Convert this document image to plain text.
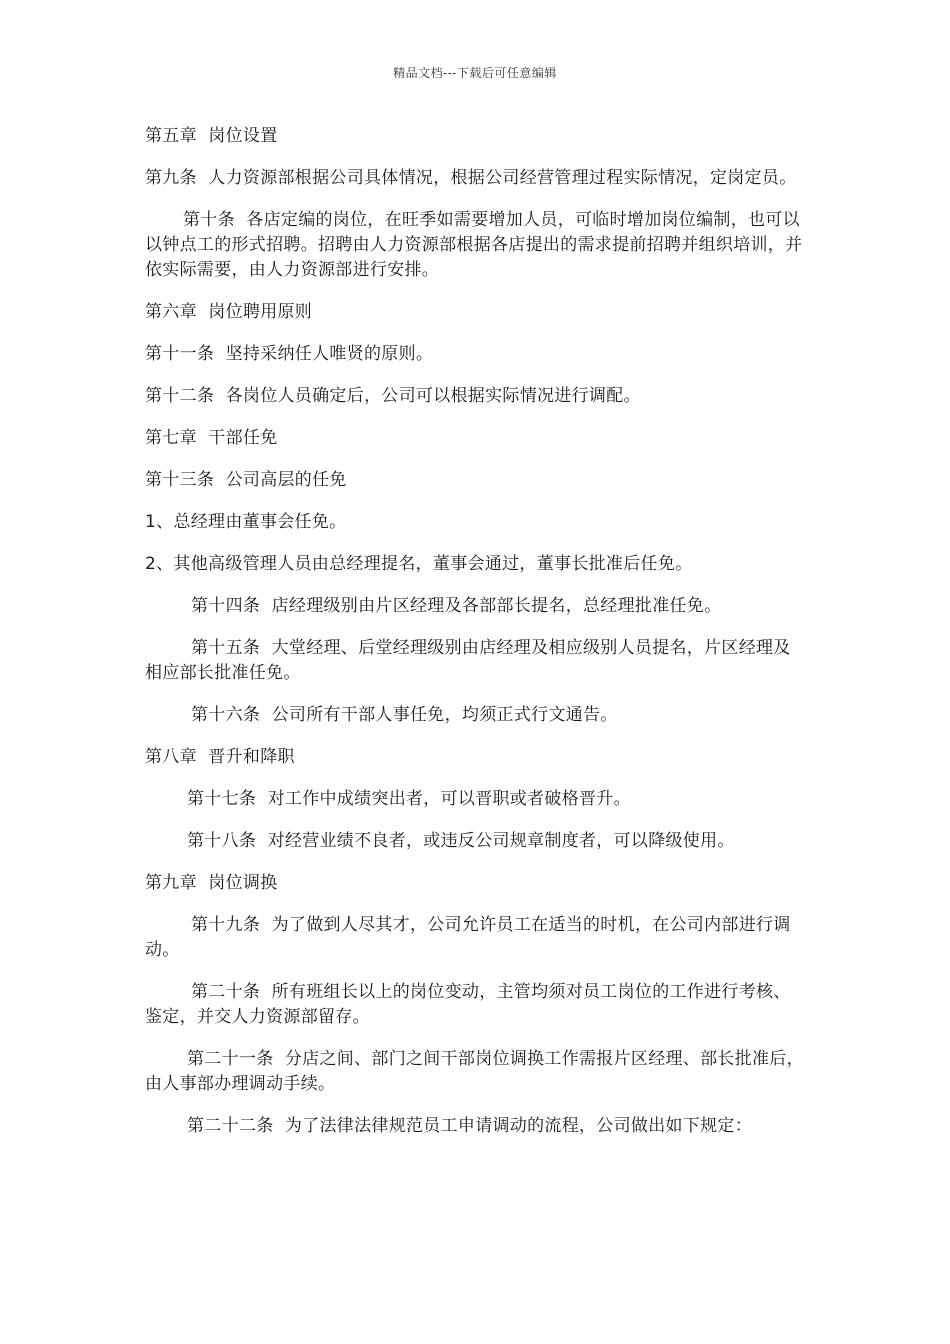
精品文档---下载后可任意编辑

第五章  岗位设置

第九条  人力资源部根据公司具体情况，根据公司经营管理过程实际情况，定岗定员。

第十条  各店定编的岗位，在旺季如需要增加人员，可临时增加岗位编制，也可以以钟点工的形式招聘。招聘由人力资源部根据各店提出的需求提前招聘并组织培训，并依实际需要，由人力资源部进行安排。

第六章  岗位聘用原则

第十一条  坚持采纳任人唯贤的原则。

第十二条  各岗位人员确定后，公司可以根据实际情况进行调配。

第七章  干部任免

第十三条  公司高层的任免

1、总经理由董事会任免。

2、其他高级管理人员由总经理提名，董事会通过，董事长批准后任免。

第十四条  店经理级别由片区经理及各部部长提名，总经理批准任免。

第十五条  大堂经理、后堂经理级别由店经理及相应级别人员提名，片区经理及相应部长批准任免。

第十六条  公司所有干部人事任免，均须正式行文通告。

第八章  晋升和降职

第十七条  对工作中成绩突出者，可以晋职或者破格晋升。

第十八条  对经营业绩不良者，或违反公司规章制度者，可以降级使用。

第九章  岗位调换

第十九条  为了做到人尽其才，公司允许员工在适当的时机，在公司内部进行调动。

第二十条  所有班组长以上的岗位变动，主管均须对员工岗位的工作进行考核、鉴定，并交人力资源部留存。

第二十一条  分店之间、部门之间干部岗位调换工作需报片区经理、部长批准后，由人事部办理调动手续。

第二十二条  为了法律法律规范员工申请调动的流程，公司做出如下规定：
